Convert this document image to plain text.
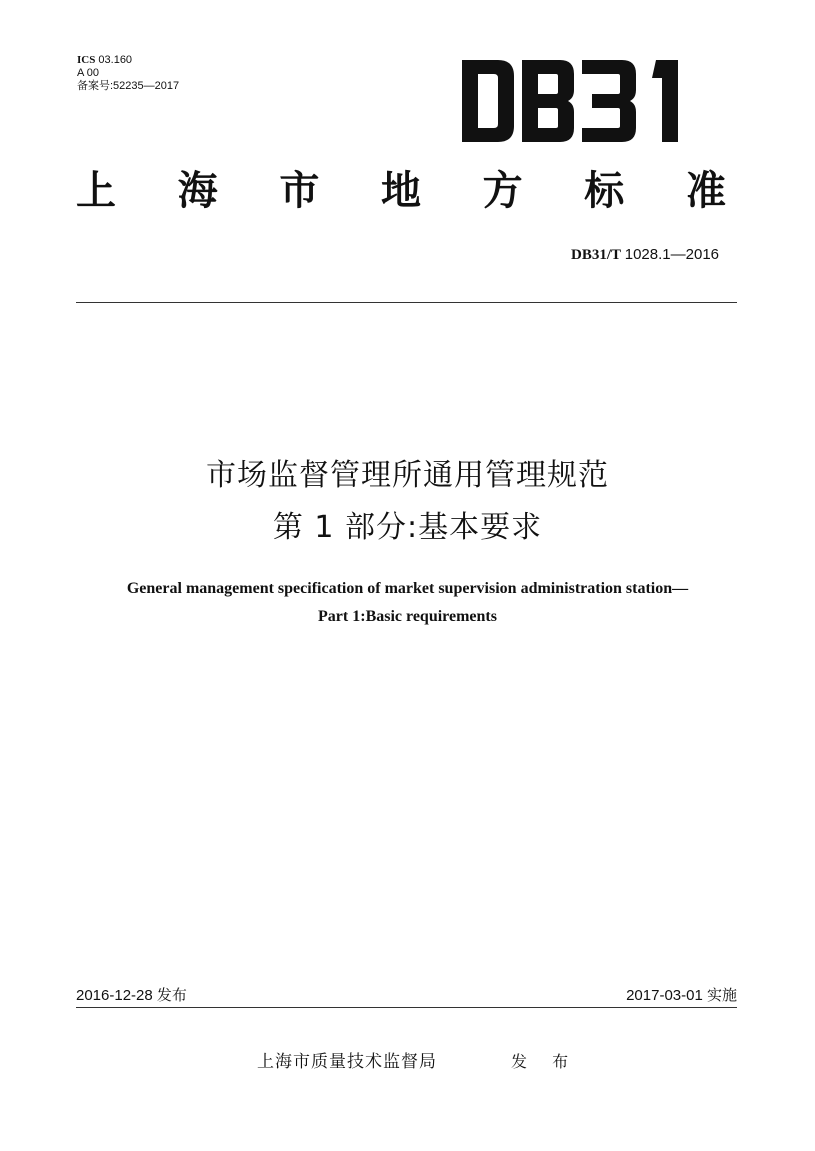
ICS 03.160
A 00
备案号:52235—2017
上 海 市 地 方 标 准
DB31/T 1028.1—2016
市场监督管理所通用管理规范
第 1 部分:基本要求
General management specification of market supervision administration station—
Part 1:Basic requirements
2016-12-28 发布	2017-03-01 实施
上海市质量技术监督局	发 布
